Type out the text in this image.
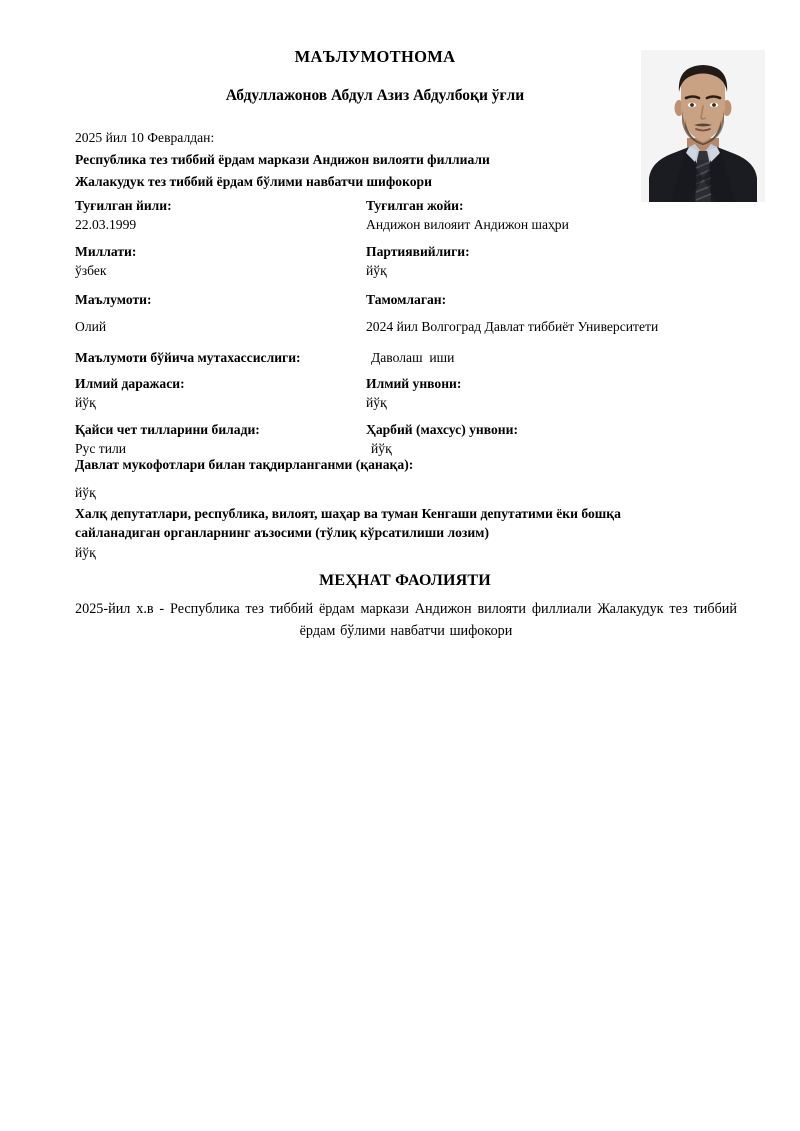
МАЪЛУМОТНОМА
Абдуллажонов Абдул Азиз Абдулбоқи ўғли
2025 йил 10 Февралдан:
Республика тез тиббий ёрдам маркази Андижон вилояти филлиали
Жалакудук тез тиббий ёрдам бўлими навбатчи шифокори
Туғилган йили:
22.03.1999
Туғилган жойи:
Андижон вилояит Андижон шаҳри
Миллати:
ўзбек
Партиявийлиги:
йўқ
Маълумоти:
Олий
Тамомлаган:
2024 йил Волгоград Давлат тиббиёт Университети
Маълумоти бўйича мутахассислиги:	Даволаш  иши
Илмий даражаси:
йўқ
Илмий унвони:
йўқ
Қайси чет тилларини билади:
Рус тили
Ҳарбий (махсус) унвони:
йўқ
Давлат мукофотлари билан тақдирланганми (қанақа):
йўқ
Халқ депутатлари, республика, вилоят, шаҳар ва туман Кенгаши депутатими ёки бошқа
сайланадиган органларнинг аъзосими (тўлиқ кўрсатилиши лозим)
йўқ
МЕҲНАТ ФАОЛИЯТИ
2025-йил х.в - Республика тез тиббий ёрдам маркази Андижон вилояти филлиали Жалакудук тез тиббий ёрдам бўлими навбатчи шифокори
